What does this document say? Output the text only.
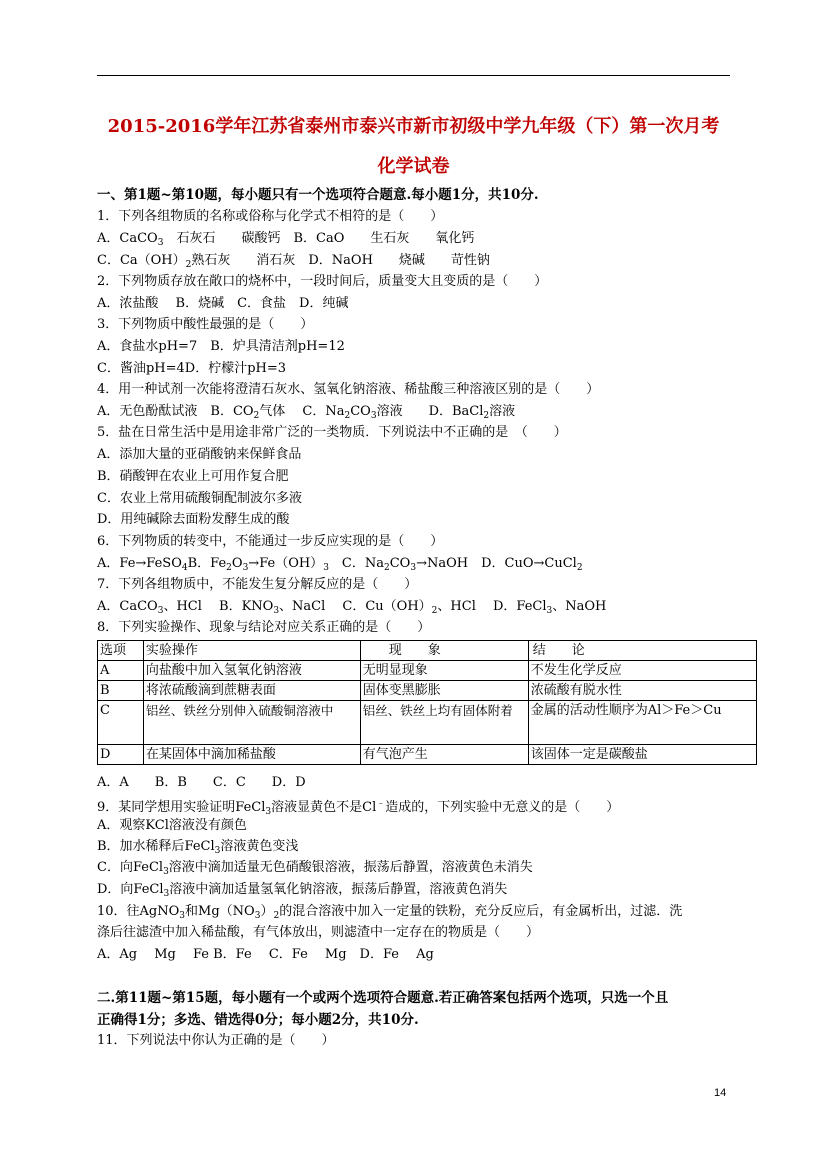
2015-2016学年江苏省泰州市泰兴市新市初级中学九年级（下）第一次月考
化学试卷
一、第1题~第10题，每小题只有一个选项符合题意.每小题1分，共10分.
1．下列各组物质的名称或俗称与化学式不相符的是（　　）
A．CaCO$_3$　石灰石　　碳酸钙　B．CaO　　生石灰　　氧化钙
C．$Ca(OH)_2$熟石灰　　消石灰　D．NaOH　　烧碱　　苛性钠
2．下列物质存放在敞口的烧杯中，一段时间后，质量变大且变质的是（　　）
A．浓盐酸　 B．烧碱　C．食盐　D．纯碱
3．下列物质中酸性最强的是（　　）
A．食盐水pH=7　B．炉具清洁剂pH=12
C．酱油pH=4D．柠檬汁pH=3
4．用一种试剂一次能将澄清石灰水、氢氧化钠溶液、稀盐酸三种溶液区别的是（　　）
A．无色酚酞试液　B．$CO_2$气体　 C．$Na_2CO_3$溶液　　D．BaCl$_2$溶液
5．盐在日常生活中是用途非常广泛的一类物质．下列说法中不正确的是　（　　）
A．添加大量的亚硝酸钠来保鲜食品
B．硝酸钾在农业上可用作复合肥
C．农业上常用硫酸铜配制波尔多液
D．用纯碱除去面粉发酵生成的酸
6．下列物质的转变中，不能通过一步反应实现的是（　　）
A．Fe→FeSO$_4$B．$Fe_2O_3\to Fe(OH)_3$　C．$Na_2CO_3\to NaOH$　D．CuO→CuCl$_2$
7．下列各组物质中，不能发生复分解反应的是（　　）
A．CaCO$_3$、HCl　 B．$KNO_3$、NaCl　 C．$Cu(OH)_2$、HCl　 D．FeCl$_3$、NaOH
8．下列实验操作、现象与结论对应关系正确的是（　　）
选项	实验操作	现　　象	结　　论
A	向盐酸中加入氢氧化钠溶液	无明显现象	不发生化学反应
B	将浓硫酸滴到蔗糖表面	固体变黑膨胀	浓硫酸有脱水性
C	铝丝、铁丝分别伸入硫酸铜溶液中	铝丝、铁丝上均有固体附着	金属的活动性顺序为Al＞Fe＞Cu
D	在某固体中滴加稀盐酸	有气泡产生	该固体一定是碳酸盐
A．A　　B．B　　C．C　　D．D
9．某同学想用实验证明FeCl$_3$溶液显黄色不是Cl﹣造成的，下列实验中无意义的是（　　）
A．观察KCl溶液没有颜色
B．加水稀释后FeCl$_3$溶液黄色变浅
C．向FeCl$_3$溶液中滴加适量无色硝酸银溶液，振荡后静置，溶液黄色未消失
D．向FeCl$_3$溶液中滴加适量氢氧化钠溶液，振荡后静置，溶液黄色消失
10．往AgNO$_3$和$Mg(NO_3)_2$的混合溶液中加入一定量的铁粉，充分反应后，有金属析出，过滤．洗
涤后往滤渣中加入稀盐酸，有气体放出，则滤渣中一定存在的物质是（　　）
A．Ag　 Mg　 Fe B．Fe　 C．Fe　 Mg　D．Fe　 Ag
二.第11题~第15题，每小题有一个或两个选项符合题意.若正确答案包括两个选项，只选一个且
正确得1分；多选、错选得0分；每小题2分，共10分.
11．下列说法中你认为正确的是（　　）
14
